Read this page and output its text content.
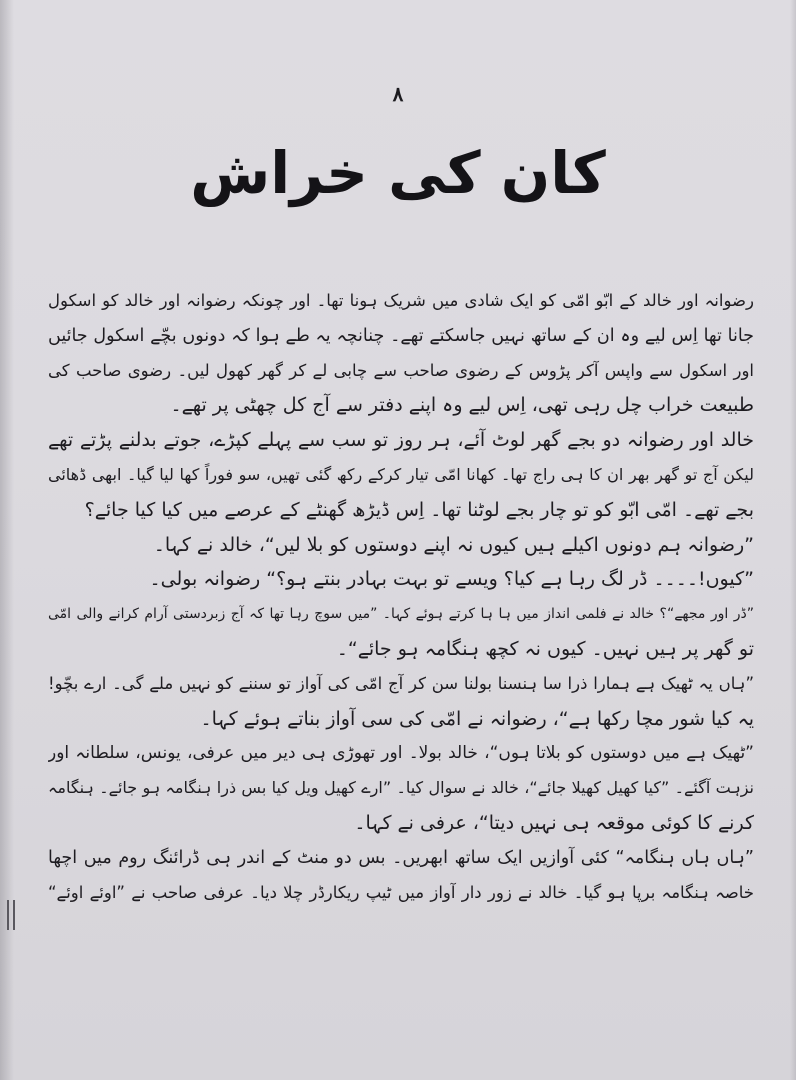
۸
کان کی خراش
رضوانہ اور خالد کے ابّو امّی کو ایک شادی میں شریک ہونا تھا۔ اور چونکہ رضوانہ اور خالد کو اسکول
جانا تھا اِس لیے وہ ان کے ساتھ نہیں جاسکتے تھے۔ چنانچہ یہ طے ہوا کہ دونوں بچّے اسکول جائیں
اور اسکول سے واپس آکر پڑوس کے رضوی صاحب سے چابی لے کر گھر کھول لیں۔ رضوی صاحب کی
طبیعت خراب چل رہی تھی، اِس لیے وہ اپنے دفتر سے آج کل چھٹی پر تھے۔
خالد اور رضوانہ دو بجے گھر لوٹ آئے، ہر روز تو سب سے پہلے کپڑے، جوتے بدلنے پڑتے تھے
لیکن آج تو گھر بھر ان کا ہی راج تھا۔ کھانا امّی تیار کرکے رکھ گئی تھیں، سو فوراً کھا لیا گیا۔ ابھی ڈھائی
بجے تھے۔ امّی ابّو کو تو چار بجے لوٹنا تھا۔ اِس ڈیڑھ گھنٹے کے عرصے میں کیا کیا جائے؟
”رضوانہ ہم دونوں اکیلے ہیں کیوں نہ اپنے دوستوں کو بلا لیں“، خالد نے کہا۔
”کیوں!۔۔۔۔ ڈر لگ رہا ہے کیا؟ ویسے تو بہت بہادر بنتے ہو؟“ رضوانہ بولی۔
”ڈر اور مجھے“؟ خالد نے فلمی انداز میں ہا ہا کرتے ہوئے کہا۔ ”میں سوچ رہا تھا کہ آج زبردستی آرام کرانے والی امّی
تو گھر پر ہیں نہیں۔ کیوں نہ کچھ ہنگامہ ہو جائے“۔
”ہاں یہ ٹھیک ہے ہمارا ذرا سا ہنسنا بولنا سن کر آج امّی کی آواز تو سننے کو نہیں ملے گی۔ ارے بچّو!
یہ کیا شور مچا رکھا ہے“، رضوانہ نے امّی کی سی آواز بناتے ہوئے کہا۔
”ٹھیک ہے میں دوستوں کو بلاتا ہوں“، خالد بولا۔ اور تھوڑی ہی دیر میں عرفی، یونس، سلطانہ اور
نزہت آگئے۔ ”کیا کھیل کھیلا جائے“، خالد نے سوال کیا۔ ”ارے کھیل ویل کیا بس ذرا ہنگامہ ہو جائے۔ ہنگامہ
کرنے کا کوئی موقعہ ہی نہیں دیتا“، عرفی نے کہا۔
”ہاں ہاں ہنگامہ“ کئی آوازیں ایک ساتھ ابھریں۔ بس دو منٹ کے اندر ہی ڈرائنگ روم میں اچھا
خاصہ ہنگامہ برپا ہو گیا۔ خالد نے زور دار آواز میں ٹیپ ریکارڈر چلا دیا۔ عرفی صاحب نے ”اوئے اوئے“
